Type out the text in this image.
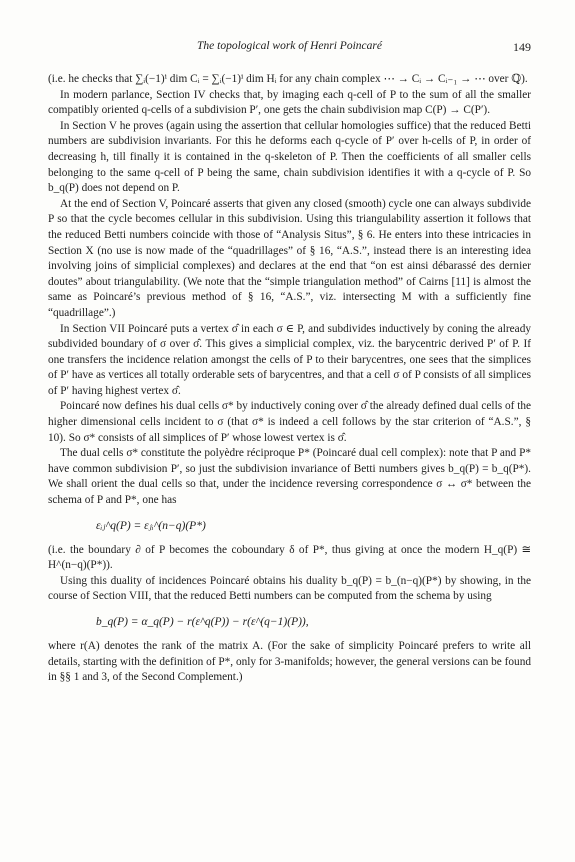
The topological work of Henri Poincaré	149

(i.e. he checks that ∑ᵢ(−1)ⁱ dim Cᵢ = ∑ᵢ(−1)ⁱ dim Hᵢ for any chain complex ⋯ → Cᵢ → Cᵢ₋₁ → ⋯ over ℚ).

In modern parlance, Section IV checks that, by imaging each q-cell of P to the sum of all the smaller compatibly oriented q-cells of a subdivision P′, one gets the chain subdivision map C(P) → C(P′).

In Section V he proves (again using the assertion that cellular homologies suffice) that the reduced Betti numbers are subdivision invariants. For this he deforms each q-cycle of P′ over h-cells of P, in order of decreasing h, till finally it is contained in the q-skeleton of P. Then the coefficients of all smaller cells belonging to the same q-cell of P being the same, chain subdivision identifies it with a q-cycle of P. So b_q(P) does not depend on P.

At the end of Section V, Poincaré asserts that given any closed (smooth) cycle one can always subdivide P so that the cycle becomes cellular in this subdivision. Using this triangulability assertion it follows that the reduced Betti numbers coincide with those of “Analysis Situs”, § 6. He enters into these intricacies in Section X (no use is now made of the “quadrillages” of § 16, “A.S.”, instead there is an interesting idea involving joins of simplicial complexes) and declares at the end that “on est ainsi débarassé des dernier doutes” about triangulability. (We note that the “simple triangulation method” of Cairns [11] is almost the same as Poincaré’s previous method of § 16, “A.S.”, viz. intersecting M with a sufficiently fine “quadrillage”.)

In Section VII Poincaré puts a vertex σ̂ in each σ ∈ P, and subdivides inductively by coning the already subdivided boundary of σ over σ̂. This gives a simplicial complex, viz. the barycentric derived P′ of P. If one transfers the incidence relation amongst the cells of P to their barycentres, one sees that the simplices of P′ have as vertices all totally orderable sets of barycentres, and that a cell σ of P consists of all simplices of P′ having highest vertex σ̂.

Poincaré now defines his dual cells σ* by inductively coning over σ̂ the already defined dual cells of the higher dimensional cells incident to σ (that σ* is indeed a cell follows by the star criterion of “A.S.”, § 10). So σ* consists of all simplices of P′ whose lowest vertex is σ̂.

The dual cells σ* constitute the polyèdre réciproque P* (Poincaré dual cell complex): note that P and P* have common subdivision P′, so just the subdivision invariance of Betti numbers gives b_q(P) = b_q(P*). We shall orient the dual cells so that, under the incidence reversing correspondence σ ↔ σ* between the schema of P and P*, one has

εᵢⱼ^q(P) = εⱼᵢ^(n−q)(P*)

(i.e. the boundary ∂ of P becomes the coboundary δ of P*, thus giving at once the modern H_q(P) ≅ H^(n−q)(P*)).

Using this duality of incidences Poincaré obtains his duality b_q(P) = b_(n−q)(P*) by showing, in the course of Section VIII, that the reduced Betti numbers can be computed from the schema by using

b_q(P) = α_q(P) − r(ε^q(P)) − r(ε^(q−1)(P)),

where r(A) denotes the rank of the matrix A. (For the sake of simplicity Poincaré prefers to write all details, starting with the definition of P*, only for 3-manifolds; however, the general versions can be found in §§ 1 and 3, of the Second Complement.)
